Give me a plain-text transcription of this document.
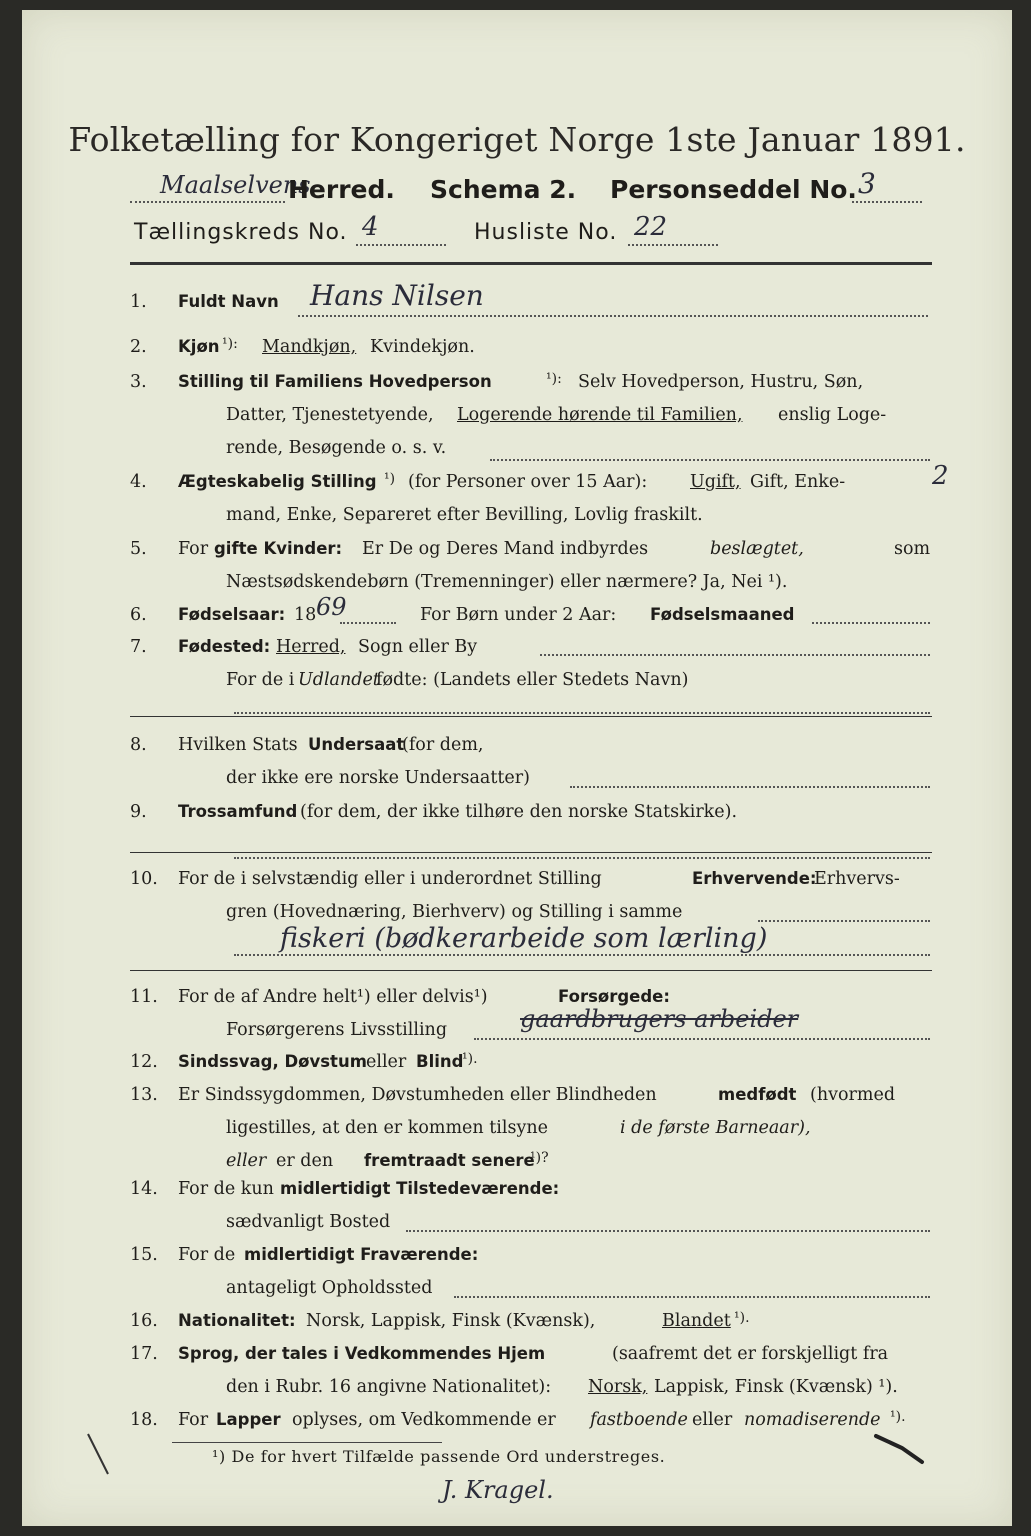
Folketælling for Kongeriget Norge 1ste Januar 1891.
Maalselvens
Herred. Schema 2. Personseddel No. 3
Tællingskreds No. 4	Husliste No. 22
1.	Fuldt Navn Hans Nilsen
2.	Kjøn ¹): Mandkjøn, Kvindekjøn.
3.	Stilling til Familiens Hovedperson	¹): Selv Hovedperson, Hustru, Søn,
Datter, Tjenestetyende, Logerende hørende til Familien, enslig Loge-
rende, Besøgende o. s. v.
4.	Ægteskabelig Stilling ¹) (for Personer over 15 Aar): Ugift, Gift, Enke-
mand, Enke, Separeret efter Bevilling, Lovlig fraskilt.
2
5.	For gifte Kvinder: Er De og Deres Mand indbyrdes	beslægtet,	som
Næstsødskendebørn (Tremenninger) eller nærmere? Ja, Nei ¹).
6.	Fødselsaar: 18 69	For Børn under 2 Aar: Fødselsmaaned
7.	Fødested: Herred, Sogn eller By
For de i Udlandet
fødte: (Landets eller Stedets Navn)
8.	Hvilken Stats Undersaat
(for dem,
der ikke ere norske Undersaatter)
9.	Trossamfund (for dem, der ikke tilhøre den norske Statskirke).
10.	For de i selvstændig eller i underordnet Stilling	Erhvervende:
Erhvervs-
gren (Hovednæring, Bierhverv) og Stilling i samme
fiskeri (bødkerarbeide som lærling)
11.	For de af Andre helt¹) eller delvis¹)	Forsørgede:
Forsørgerens Livsstilling	gaardbrugers arbeider
12.	Sindssvag, Døvstum eller Blind
¹).
13.	Er Sindssygdommen, Døvstumheden eller Blindheden	medfødt (hvormed
ligestilles, at den er kommen tilsyne	i de første Barneaar),
eller er den fremtraadt senere
¹)?
14.	For de kun midlertidigt Tilstedeværende:
sædvanligt Bosted
15.	For de midlertidigt Fraværende:
antageligt Opholdssted
16.	Nationalitet: Norsk, Lappisk, Finsk (Kvænsk),	Blandet ¹).
17.	Sprog, der tales i Vedkommendes Hjem	(saafremt det er forskjelligt fra
den i Rubr. 16 angivne Nationalitet): Norsk, Lappisk, Finsk (Kvænsk) ¹).
18.	For Lapper oplyses, om Vedkommende er fastboende eller nomadiserende ¹).
¹) De for hvert Tilfælde passende Ord understreges.
J. Kragel.
